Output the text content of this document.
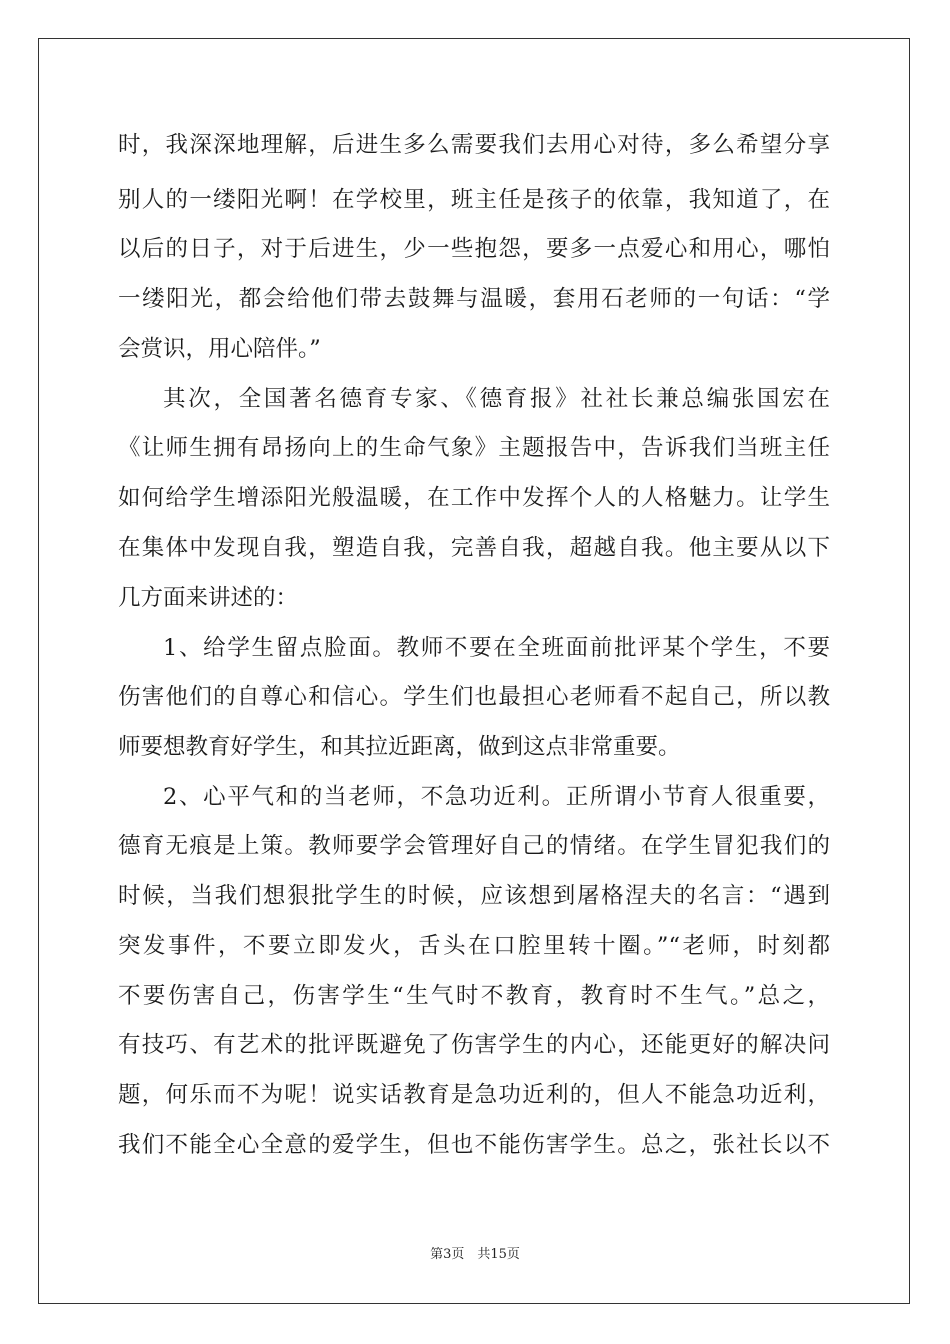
时，我深深地理解，后进生多么需要我们去用心对待，多么希望分享
别人的一缕阳光啊！在学校里，班主任是孩子的依靠，我知道了，在
以后的日子，对于后进生，少一些抱怨，要多一点爱心和用心，哪怕
一缕阳光，都会给他们带去鼓舞与温暖，套用石老师的一句话：“学
会赏识，用心陪伴。”
其次，全国著名德育专家、《德育报》社社长兼总编张国宏在
《让师生拥有昂扬向上的生命气象》主题报告中，告诉我们当班主任
如何给学生增添阳光般温暖，在工作中发挥个人的人格魅力。让学生
在集体中发现自我，塑造自我，完善自我，超越自我。他主要从以下
几方面来讲述的：
1、给学生留点脸面。教师不要在全班面前批评某个学生，不要
伤害他们的自尊心和信心。学生们也最担心老师看不起自己，所以教
师要想教育好学生，和其拉近距离，做到这点非常重要。
2、心平气和的当老师，不急功近利。正所谓小节育人很重要，
德育无痕是上策。教师要学会管理好自己的情绪。在学生冒犯我们的
时候，当我们想狠批学生的时候，应该想到屠格涅夫的名言：“遇到
突发事件，不要立即发火，舌头在口腔里转十圈。”“老师，时刻都
不要伤害自己，伤害学生“生气时不教育，教育时不生气。”总之，
有技巧、有艺术的批评既避免了伤害学生的内心，还能更好的解决问
题，何乐而不为呢！说实话教育是急功近利的，但人不能急功近利，
我们不能全心全意的爱学生，但也不能伤害学生。总之，张社长以不
第3页　共15页
